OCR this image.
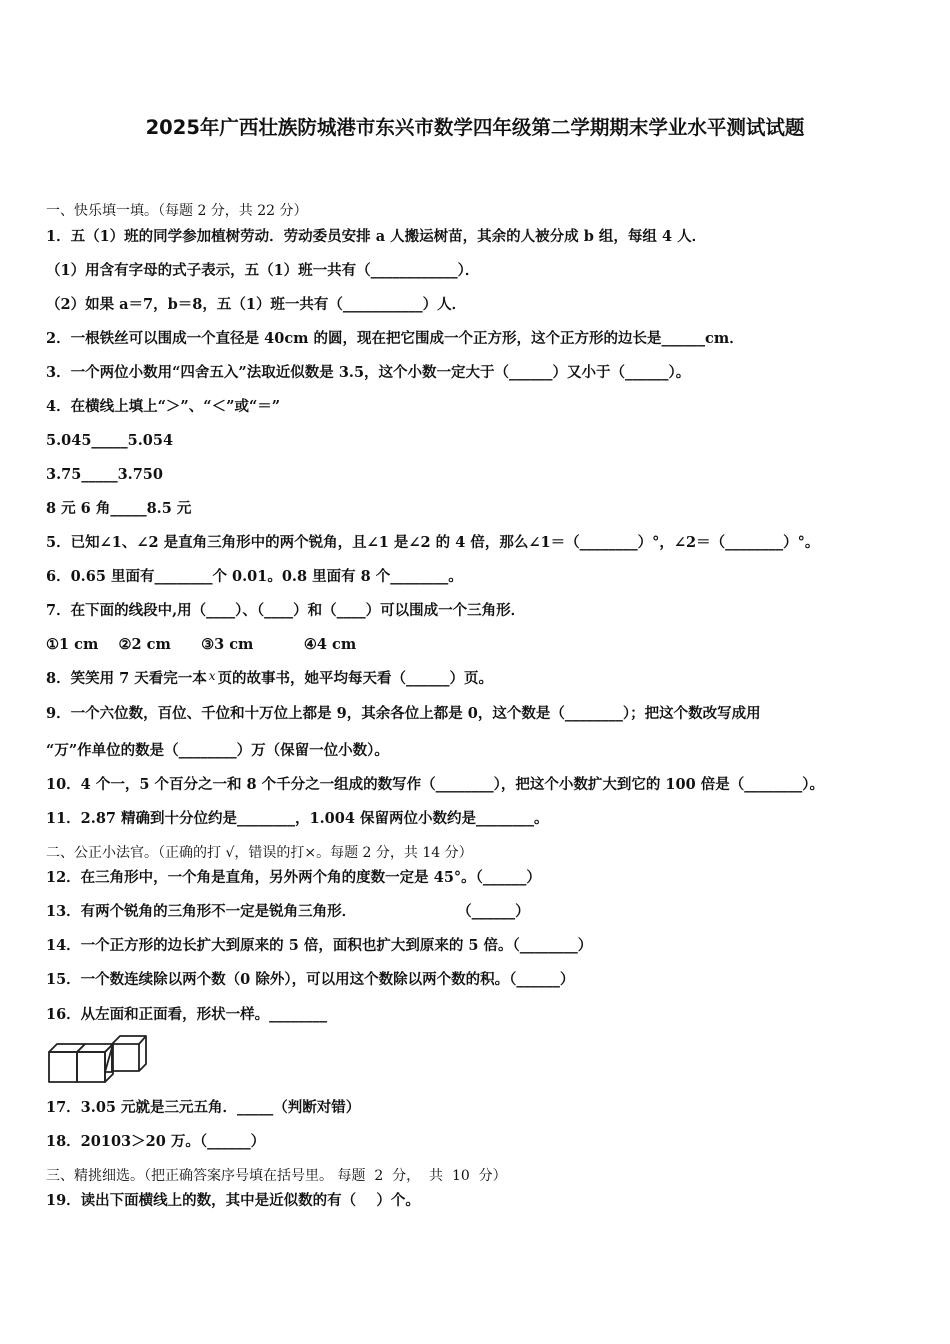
2025年广西壮族防城港市东兴市数学四年级第二学期期末学业水平测试试题
一、快乐填一填。（每题 2 分，共 22 分）
1．五（1）班的同学参加植树劳动．劳动委员安排 a 人搬运树苗，其余的人被分成 b 组，每组 4 人．
（1）用含有字母的式子表示，五（1）班一共有（____________）．
（2）如果 a＝7，b＝8，五（1）班一共有（___________）人．
2．一根铁丝可以围成一个直径是 40cm 的圆，现在把它围成一个正方形，这个正方形的边长是______cm．
3．一个两位小数用“四舍五入”法取近似数是 3.5，这个小数一定大于（______）又小于（______）。
4．在横线上填上“＞”、“＜”或“＝”
5.045_____5.054
3.75_____3.750
8 元 6 角_____8.5 元
5．已知∠1、∠2 是直角三角形中的两个锐角，且∠1 是∠2 的 4 倍，那么∠1＝（________）°，∠2＝（________）°。
6．0.65 里面有________个 0.01。0.8 里面有 8 个________。
7．在下面的线段中,用（____）、（____）和（____）可以围成一个三角形．
①1 cm    ②2 cm      ③3 cm          ④4 cm
8．笑笑用 7 天看完一本 $^x$ 页的故事书，她平均每天看（______）页。
9．一个六位数，百位、千位和十万位上都是 9，其余各位上都是 0，这个数是（________）；把这个数改写成用
“万”作单位的数是（________）万（保留一位小数）。
10．4 个一，5 个百分之一和 8 个千分之一组成的数写作（________），把这个小数扩大到它的 100 倍是（________）。
11．2.87 精确到十分位约是________，1.004 保留两位小数约是________。
二、公正小法官。（正确的打 √，错误的打×。每题 2 分，共 14 分）
12．在三角形中，一个角是直角，另外两个角的度数一定是 45°。（______）
13．有两个锐角的三角形不一定是锐角三角形．                    （______）
14．一个正方形的边长扩大到原来的 5 倍，面积也扩大到原来的 5 倍。（________）
15．一个数连续除以两个数（0 除外），可以用这个数除以两个数的积。（______）
16．从左面和正面看，形状一样。________
17．3.05 元就是三元五角．_____（判断对错）
18．20103＞20 万。（______）
三、精挑细选。（把正确答案序号填在括号里。 每题  2  分，  共  10  分）
19．读出下面横线上的数，其中是近似数的有（    ）个。
